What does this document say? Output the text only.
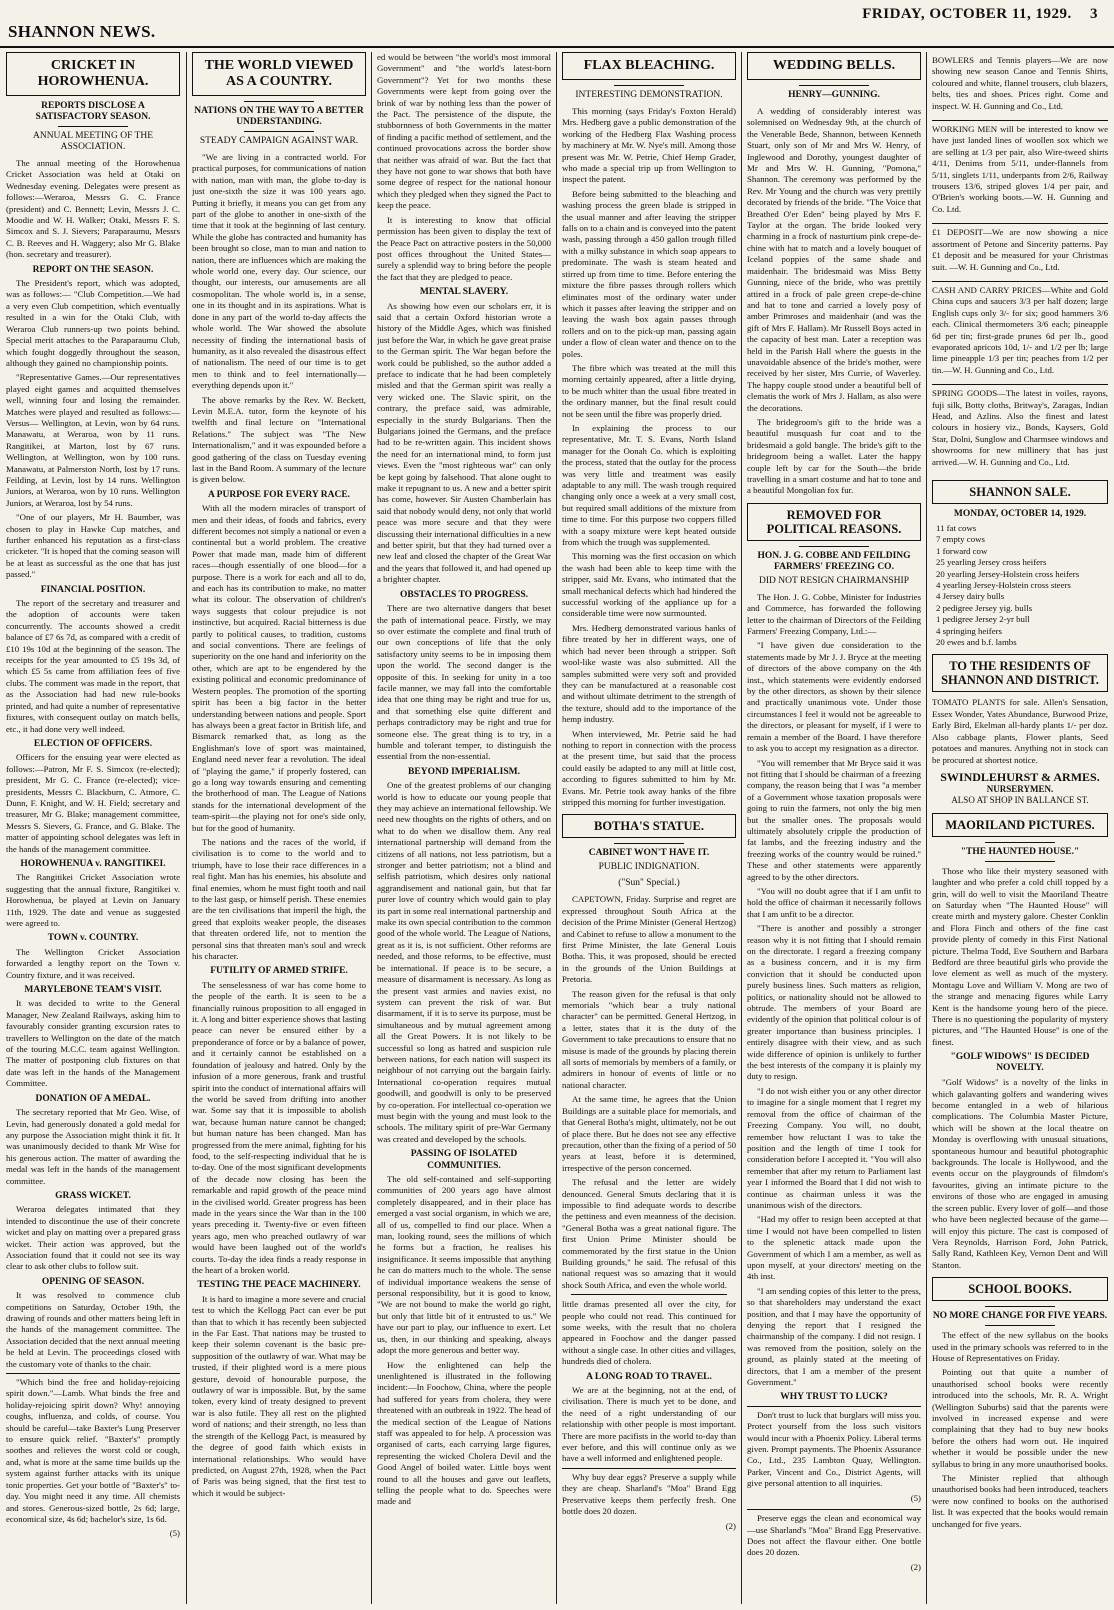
SHANNON NEWS.
FRIDAY, OCTOBER 11, 1929. 3
CRICKET IN HOROWHENUA.
REPORTS DISCLOSE A SATISFACTORY SEASON.
ANNUAL MEETING OF THE ASSOCIATION.

The annual meeting of the Horowhenua Cricket Association was held at Otaki on Wednesday evening. Delegates were present as follows:—Weraroa, Messrs G. C. France (president) and C. Bennett; Levin, Messrs J. C. Moodie and W. H. Walker; Otaki, Messrs F. S. Simcox and S. J. Sievers; Paraparaumu, Messrs C. B. Reeves and H. Waggery; also Mr G. Blake (hon. secretary and treasurer).

REPORT ON THE SEASON.

The President's report, which was adopted, was as follows:— "Club Competition.—We had a very even Club competition, which eventually resulted in a win for the Otaki Club, with Weraroa Club runners-up two points behind. Special merit attaches to the Paraparaumu Club, which fought doggedly throughout the season, although they gained no championship points.

"Representative Games.—Our representatives played eight games and acquitted themselves well, winning four and losing the remainder. Matches were played and resulted as follows:— Versus— Wellington, at Levin, won by 64 runs. Manawatu, at Weraroa, won by 11 runs. Rangitikei, at Marton, lost by 67 runs. Wellington, at Wellington, won by 100 runs. Manawatu, at Palmerston North, lost by 17 runs. Feilding, at Levin, lost by 14 runs. Wellington Juniors, at Weraroa, won by 10 runs. Wellington Juniors, at Weraroa, lost by 54 runs.

"One of our players, Mr H. Baumber, was chosen to play in Hawke Cup matches, and further enhanced his reputation as a first-class cricketer. "It is hoped that the coming season will be at least as successful as the one that has just passed."

FINANCIAL POSITION.

The report of the secretary and treasurer and the adoption of accounts were taken concurrently. The accounts showed a credit balance of £7 6s 7d, as compared with a credit of £10 19s 10d at the beginning of the season. The receipts for the year amounted to £5 19s 3d, of which £5 5s came from affiliation fees of five clubs. The comment was made in the report, that as the Association had had new rule-books printed, and had quite a number of representative fixtures, with consequent outlay on match bells, etc., it had done very well indeed.

ELECTION OF OFFICERS.

Officers for the ensuing year were elected as follows:—Patron, Mr F. S. Simcox (re-elected); president, Mr G. C. France (re-elected); vice-presidents, Messrs C. Blackburn, C. Atmore, C. Dunn, F. Knight, and W. H. Field; secretary and treasurer, Mr G. Blake; management committee, Messrs S. Sievers, G. France, and G. Blake. The matter of appointing school delegates was left in the hands of the management committee.

HOROWHENUA v. RANGITIKEI.

The Rangitikei Cricket Association wrote suggesting that the annual fixture, Rangitikei v. Horowhenua, be played at Levin on January 11th, 1929. The date and venue as suggested were agreed to.

TOWN v. COUNTRY.

The Wellington Cricket Association forwarded a lengthy report on the Town v. Country fixture, and it was received.

MARYLEBONE TEAM'S VISIT.

It was decided to write to the General Manager, New Zealand Railways, asking him to favourably consider granting excursion rates to travellers to Wellington on the date of the match of the touring M.C.C. team against Wellington. The matter of postponing club fixtures on that date was left in the hands of the Management Committee.

DONATION OF A MEDAL.

The secretary reported that Mr Geo. Wise, of Levin, had generously donated a gold medal for any purpose the Association might think it fit. It was unanimously decided to thank Mr Wise for his generous action. The matter of awarding the medal was left in the hands of the management committee.

GRASS WICKET.

Weraroa delegates intimated that they intended to discontinue the use of their concrete wicket and play on matting over a prepared grass wicket. Their action was approved, but the Association found that it could not see its way clear to ask other clubs to follow suit.

OPENING OF SEASON.

It was resolved to commence club competitions on Saturday, October 19th, the drawing of rounds and other matters being left in the hands of the management committee. The Association decided that the next annual meeting be held at Levin. The proceedings closed with the customary vote of thanks to the chair.

"Which bind the free and holiday-rejoicing spirit down."—Lamb. What binds the free and holiday-rejoicing spirit down? Why! annoying coughs, influenza, and colds, of course. You should be careful—take Baxter's Lung Preserver to ensure quick relief. "Baxter's" promptly soothes and relieves the worst cold or cough, and, what is more at the same time builds up the system against further attacks with its unique tonic properties. Get your bottle of "Baxter's" to-day. You might need it any time. All chemists and stores. Generous-sized bottle, 2s 6d; large, economical size, 4s 6d; bachelor's size, 1s 6d.

(5)
THE WORLD VIEWED AS A COUNTRY.
NATIONS ON THE WAY TO A BETTER UNDERSTANDING.
STEADY CAMPAIGN AGAINST WAR.

"We are living in a contracted world. For practical purposes, for communications of nation with nation, man with man, the globe to-day is just one-sixth the size it was 100 years ago. Putting it briefly, it means you can get from any part of the globe to another in one-sixth of the time that it took at the beginning of last century. While the globe has contracted and humanity has been brought so close, man to man and nation to nation, there are influences which are making the whole world one, every day. Our science, our thought, our interests, our amusements are all cosmopolitan. The whole world is, in a sense, one in its thought and in its aspirations. What is done in any part of the world to-day affects the whole world. The War showed the absolute necessity of finding the international basis of humanity, as it also revealed the disastrous effect of nationalism. The need of our time is to get men to think and to feel internationally—everything depends upon it."

The above remarks by the Rev. W. Beckett, Levin M.E.A. tutor, form the keynote of his twelfth and final lecture on "International Relations." The subject was "The New Internationalism," and it was expounded before a good gathering of the class on Tuesday evening last in the Band Room. A summary of the lecture is given below.

A PURPOSE FOR EVERY RACE.

With all the modern miracles of transport of men and their ideas, of foods and fabrics, every different becomes not simply a national or even a continental but a world problem. The creative Power that made man, made him of different races—though essentially of one blood—for a purpose. There is a work for each and all to do, and each has its contribution to make, no matter what its colour. The observation of children's ways suggests that colour prejudice is not instinctive, but acquired. Racial bitterness is due partly to political causes, to tradition, customs and social conventions. There are feelings of superiority on the one hand and inferiority on the other, which are apt to be engendered by the existing political and economic predominance of Western peoples. The promotion of the sporting spirit has been a big factor in the better understanding between nations and people. Sport has always been a great factor in British life, and Bismarck remarked that, as long as the Englishman's love of sport was maintained, England need never fear a revolution. The ideal of "playing the game," if properly fostered, can go a long way towards ensuring and cementing the brotherhood of man. The League of Nations stands for the international development of the team-spirit—the playing not for one's side only, but for the good of humanity.

The nations and the races of the world, if civilisation is to come to the world and to triumph, have to lose their race differences in a real fight. Man has his enemies, his absolute and final enemies, whom he must fight tooth and nail to the last gasp, or himself perish. These enemies are the ten civilisations that imperil the high, the greed that exploits weaker people, the diseases that threaten ordered life, not to mention the personal sins that threaten man's soul and wreck his character.

FUTILITY OF ARMED STRIFE.

The senselessness of war has come home to the people of the earth. It is seen to be a financially ruinous proposition to all engaged in it. A long and bitter experience shows that lasting peace can never be ensured either by a preponderance of force or by a balance of power, and it certainly cannot be established on a foundation of jealousy and hatred. Only by the infusion of a more generous, frank and trustful spirit into the conduct of international affairs will the world be saved from drifting into another war. Some say that it is impossible to abolish war, because human nature cannot be changed; but human nature has been changed. Man has progressed from the mere animal, fighting for his food, to the self-respecting individual that he is to-day. One of the most significant developments of the decade now closing has been the remarkable and rapid growth of the peace mind in the civilised world. Greater progress has been made in the years since the War than in the 100 years preceding it. Twenty-five or even fifteen years ago, men who preached outlawry of war would have been laughed out of the world's courts. To-day the idea finds a ready response in the heart of a broken world.

TESTING THE PEACE MACHINERY.

It is hard to imagine a more severe and crucial test to which the Kellogg Pact can ever be put than that to which it has recently been subjected in the Far East. That nations may be trusted to keep their solemn covenant is the basic pre-supposition of the outlawry of war. What may be trusted, if their plighted word is a mere pious gesture, devoid of honourable purpose, the outlawry of war is impossible. But, by the same token, every kind of treaty designed to prevent war is also futile. They all rest on the plighted word of nations; and their strength, no less than the strength of the Kellogg Pact, is measured by the degree of good faith which exists in international relationships. Who would have predicted, on August 27th, 1928, when the Pact of Paris was being signed, that the first test to which it would be subject-

ed would be between "the world's most immoral Government" and "the world's latest-born Government"? Yet for two months these Governments were kept from going over the brink of war by nothing less than the power of the Pact. The persistence of the dispute, the stubbornness of both Governments in the matter of finding a pacific method of settlement, and the continued provocations across the border show that neither was afraid of war. But the fact that they have not gone to war shows that both have some degree of respect for the national honour which they pledged when they signed the Pact to keep the peace.

It is interesting to know that official permission has been given to display the text of the Peace Pact on attractive posters in the 50,000 post offices throughout the United States—surely a splendid way to bring before the people the fact that they are pledged to peace.

MENTAL SLAVERY.

As showing how even our scholars err, it is said that a certain Oxford historian wrote a history of the Middle Ages, which was finished just before the War, in which he gave great praise to the German spirit. The War began before the work could be published, so the author added a preface to indicate that he had been completely misled and that the German spirit was really a very wicked one. The Slavic spirit, on the contrary, the preface said, was admirable, especially in the sturdy Bulgarians. Then the Bulgarians joined the Germans, and the preface had to be re-written again. This incident shows the need for an international mind, to form just views. Even the "most righteous war" can only be kept going by falsehood. That alone ought to make it repugnant to us. A new and a better spirit has come, however. Sir Austen Chamberlain has said that nobody would deny, not only that world peace was more secure and that they were discussing their international difficulties in a new and better spirit, but that they had turned over a new leaf and closed the chapter of the Great War and the years that followed it, and had opened up a brighter chapter.

OBSTACLES TO PROGRESS.

There are two alternative dangers that beset the path of international peace. Firstly, we may so over estimate the complete and final truth of our own conceptions of life that the only satisfactory unity seems to be in imposing them upon the world. The second danger is the opposite of this. In seeking for unity in a too facile manner, we may fall into the comfortable idea that one thing may be right and true for us, and that something else quite different and perhaps contradictory may be right and true for someone else. The great thing is to try, in a humble and tolerant temper, to distinguish the essential from the non-essential.

BEYOND IMPERIALISM.

One of the greatest problems of our changing world is how to educate our young people that they may achieve an international fellowship. We need new thoughts on the rights of others, and on what to do when we disallow them. Any real international partnership will demand from the citizens of all nations, not less patriotism, but a stronger and better patriotism; not a blind and selfish patriotism, which desires only national aggrandisement and national gain, but that far purer love of country which would gain to play its part in some real international partnership and make its own special contribution to the common good of the whole world. The League of Nations, great as it is, is not sufficient. Other reforms are needed, and those reforms, to be effective, must be international. If peace is to be secure, a measure of disarmament is necessary. As long as the present vast armies and navies exist, no system can prevent the risk of war. But disarmament, if it is to serve its purpose, must be simultaneous and by mutual agreement among all the Great Powers. It is not likely to be successful so long as hatred and suspicion rule between nations, for each nation will suspect its neighbour of not carrying out the bargain fairly. International co-operation requires mutual goodwill, and goodwill is only to be preserved by co-operation. For intellectual co-operation we must begin with the young and must look to the schools. The military spirit of pre-War Germany was created and developed by the schools.

PASSING OF ISOLATED COMMUNITIES.

The old self-contained and self-supporting communities of 200 years ago have almost completely disappeared, and in their place has emerged a vast social organism, in which we are, all of us, compelled to find our place. When a man, looking round, sees the millions of which he forms but a fraction, he realises his insignificance. It seems impossible that anything he can do matters much to the whole. The sense of individual importance weakens the sense of personal responsibility, but it is good to know, "We are not bound to make the world go right, but only that little bit of it entrusted to us." We have our part to play, our influence to exert. Let us, then, in our thinking and speaking, always adopt the more generous and better way.

How the enlightened can help the unenlightened is illustrated in the following incident:—In Foochow, China, where the people had suffered for years from cholera, they were threatened with an outbreak in 1922. The head of the medical section of the League of Nations staff was appealed to for help. A procession was organised of carts, each carrying large figures, representing the wicked Cholera Devil and the Good Angel of boiled water. Little boys went round to all the houses and gave out leaflets, telling the people what to do. Speeches were made and

FLAX BLEACHING.
INTERESTING DEMONSTRATION.

This morning (says Friday's Foxton Herald) Mrs. Hedberg gave a public demonstration of the working of the Hedberg Flax Washing process by machinery at Mr. W. Nye's mill. Among those present was Mr. W. Petrie, Chief Hemp Grader, who made a special trip up from Wellington to inspect the patent.

Before being submitted to the bleaching and washing process the green blade is stripped in the usual manner and after leaving the stripper falls on to a chain and is conveyed into the patent wash, passing through a 450 gallon trough filled with a milky substance in which soap appears to predominate. The wash is steam heated and stirred up from time to time. Before entering the mixture the fibre passes through rollers which eliminates most of the ordinary water under which it passes after leaving the stripper and on leaving the wash box again passes through rollers and on to the pick-up man, passing again under a flow of clean water and thence on to the poles.

The fibre which was treated at the mill this morning certainly appeared, after a little drying, to be much whiter than the usual fibre treated in the ordinary manner, but the final result could not be seen until the fibre was properly dried.

In explaining the process to our representative, Mr. T. S. Evans, North Island manager for the Oonah Co. which is exploiting the process, stated that the outlay for the process was very little and treatment was easily adaptable to any mill. The wash trough required changing only once a week at a very small cost, but required small additions of the mixture from time to time. For this purpose two coppers filled with a soapy mixture were kept heated outside from which the trough was supplemented.

This morning was the first occasion on which the wash had been able to keep time with the stripper, said Mr. Evans, who intimated that the small mechanical defects which had hindered the successful working of the appliance up for a considerable time were now surmounted.

Mrs. Hedberg demonstrated various hanks of fibre treated by her in different ways, one of which had never been through a stripper. Soft wool-like waste was also submitted. All the samples submitted were very soft and provided they can be manufactured at a reasonable cost and without ultimate detriment to the strength of the texture, should add to the importance of the hemp industry.

When interviewed, Mr. Petrie said he had nothing to report in connection with the process at the present time, but said that the process could easily be adapted to any mill at little cost, according to figures submitted to him by Mr. Evans. Mr. Petrie took away hanks of the fibre stripped this morning for further investigation.

BOTHA'S STATUE.
CABINET WON'T HAVE IT.
PUBLIC INDIGNATION.
("Sun" Special.)

CAPETOWN, Friday. Surprise and regret are expressed throughout South Africa at the decision of the Prime Minister (General Hertzog) and Cabinet to refuse to allow a monument to the first Prime Minister, the late General Louis Botha. This, it was proposed, should be erected in the grounds of the Union Buildings at Pretoria.

The reason given for the refusal is that only memorials "which bear a truly national character" can be permitted. General Hertzog, in a letter, states that it is the duty of the Government to take precautions to ensure that no misuse is made of the grounds by placing therein all sorts of memorials by members of a family, or admirers in honour of events of little or no national character.

At the same time, he agrees that the Union Buildings are a suitable place for memorials, and that General Botha's might, ultimately, not be out of place there. But he does not see any effective precaution, other than the fixing of a period of 50 years at least, before it is determined, irrespective of the person concerned.

The refusal and the letter are widely denounced. General Smuts declaring that it is impossible to find adequate words to describe the pettiness and even meanness of the decision. "General Botha was a great national figure. The first Union Prime Minister should be commemorated by the first statue in the Union Building grounds," he said. The refusal of this national request was so amazing that it would shock South Africa, and even the whole world.

little dramas presented all over the city, for people who could not read. This continued for some weeks, with the result that no cholera appeared in Foochow and the danger passed without a single case. In other cities and villages, hundreds died of cholera.

A LONG ROAD TO TRAVEL.

We are at the beginning, not at the end, of civilisation. There is much yet to be done, and the need of a right understanding of our relationship with other people is most important. There are more pacifists in the world to-day than ever before, and this will continue only as we have a well informed and enlightened people.

Why buy dear eggs? Preserve a supply while they are cheap. Sharland's "Moa" Brand Egg Preservative keeps them perfectly fresh. One bottle does 20 dozen.

(2)
WEDDING BELLS.
HENRY—GUNNING.

A wedding of considerably interest was solemnised on Wednesday 9th, at the church of the Venerable Bede, Shannon, between Kenneth Stuart, only son of Mr and Mrs W. Henry, of Inglewood and Dorothy, youngest daughter of Mr and Mrs W. H. Gunning, "Pomona," Shannon. The ceremony was performed by the Rev. Mr Young and the church was very prettily decorated by friends of the bride. "The Voice that Breathed O'er Eden" being played by Mrs F. Taylor at the organ. The bride looked very charming in a frock of nasturtium pink crepe-de-chine with hat to match and a lovely bouquet of Iceland poppies of the same shade and maidenhair. The bridesmaid was Miss Betty Gunning, niece of the bride, who was prettily attired in a frock of pale green crepe-de-chine and hat to tone and carried a lovely posy of amber Primroses and maidenhair (and was the gift of Mrs F. Hallam). Mr Russell Boys acted in the capacity of best man. Later a reception was held in the Parish Hall where the guests in the unavoidable absence of the bride's mother, were received by her sister, Mrs Currie, of Waverley. The happy couple stood under a beautiful bell of clematis the work of Mrs J. Hallam, as also were the decorations.

The bridegroom's gift to the bride was a beautiful musquash fur coat and to the bridesmaid a gold bangle. The bride's gift to the bridegroom being a wallet. Later the happy couple left by car for the South—the bride travelling in a smart costume and hat to tone and a beautiful Mongolian fox fur.

REMOVED FOR POLITICAL REASONS.
HON. J. G. COBBE AND FEILDING FARMERS' FREEZING CO.
DID NOT RESIGN CHAIRMANSHIP

The Hon. J. G. Cobbe, Minister for Industries and Commerce, has forwarded the following letter to the chairman of Directors of the Feilding Farmers' Freezing Company, Ltd.:—

"I have given due consideration to the statements made by Mr J. J. Bryce at the meeting of directors of the above company on the 4th inst., which statements were evidently endorsed by the other directors, as shown by their silence and practically unanimous vote. Under those circumstances I feel it would not be agreeable to the directors, or pleasant for myself, if I were to remain a member of the Board. I have therefore to ask you to accept my resignation as a director.

"You will remember that Mr Bryce said it was not fitting that I should be chairman of a freezing company, the reason being that I was "a member of a Government whose taxation proposals were going to ruin the farmers, not only the big men but the smaller ones. The proposals would ultimately absolutely cripple the production of fat lambs, and the freezing industry and the freezing works of the country would be ruined." These and other statements were apparently agreed to by the other directors.

"You will no doubt agree that if I am unfit to hold the office of chairman it necessarily follows that I am unfit to be a director.

"There is another and possibly a stronger reason why it is not fitting that I should remain on the directorate. I regard a freezing company as a business concern, and it is my firm conviction that it should be conducted upon purely business lines. Such matters as religion, politics, or nationality should not be allowed to obtrude. The members of your Board are evidently of the opinion that political colour is of greater importance than business principles. I entirely disagree with their view, and as such wide difference of opinion is unlikely to further the best interests of the company it is plainly my duty to resign.

"I do not wish either you or any other director to imagine for a single moment that I regret my removal from the office of chairman of the Freezing Company. You will, no doubt, remember how reluctant I was to take the position and the length of time I took for consideration before I accepted it. "You will also remember that after my return to Parliament last year I informed the Board that I did not wish to continue as chairman unless it was the unanimous wish of the directors.

"Had my offer to resign been accepted at that time I would not have been compelled to listen to the splenetic attack made upon the Government of which I am a member, as well as upon myself, at your directors' meeting on the 4th inst.

"I am sending copies of this letter to the press, so that shareholders may understand the exact position, and that I may have the opportunity of denying the report that I resigned the chairmanship of the company. I did not resign. I was removed from the position, solely on the ground, as plainly stated at the meeting of directors, that I am a member of the present Government."

WHY TRUST TO LUCK?

Don't trust to luck that burglars will miss you. Protect yourself from the loss such visitors would incur with a Phoenix Policy. Liberal terms given. Prompt payments. The Phoenix Assurance Co., Ltd., 235 Lambton Quay, Wellington. Parker, Vincent and Co., District Agents, will give personal attention to all inquiries.

(5)

Preserve eggs the clean and economical way—use Sharland's "Moa" Brand Egg Preservative. Does not affect the flavour either. One bottle does 20 dozen.

(2)

BOWLERS and Tennis players—We are now showing new season Canoe and Tennis Shirts, coloured and white, flannel trousers, club blazers, belts, ties and shoes. Prices right. Come and inspect. W. H. Gunning and Co., Ltd.

WORKING MEN will be interested to know we have just landed lines of woollen sox which we are selling at 1/3 per pair, also Wire-tweed shirts 4/11, Denims from 5/11, under-flannels from 5/11, singlets 1/11, underpants from 2/6, Railway trousers 13/6, striped gloves 1/4 per pair, and O'Brien's working boots.—W. H. Gunning and Co. Ltd.

£1 DEPOSIT—We are now showing a nice assortment of Petone and Sincerity patterns. Pay £1 deposit and be measured for your Christmas suit. —W. H. Gunning and Co., Ltd.

CASH AND CARRY PRICES—White and Gold China cups and saucers 3/3 per half dozen; large English cups only 3/- for six; good hammers 3/6 each. Clinical thermometers 3/6 each; pineapple 6d per tin; first-grade prunes 6d per lb., good evaporated apricots 10d, 1/- and 1/2 per lb; large lime pineapple 1/3 per tin; peaches from 1/2 per tin.—W. H. Gunning and Co., Ltd.

SPRING GOODS—The latest in voiles, rayons, fuji silk, Botty cloths, Britway's, Zaragas, Indian Head, and Azlins. Also the finest and latest colours in hosiery viz., Bonds, Kaysers, Gold Star, Dolni, Sunglow and Charmsee windows and showrooms for new millinery that has just arrived.—W. H. Gunning and Co., Ltd.

SHANNON SALE.
MONDAY, OCTOBER 14, 1929.
11 fat cows
7 empty cows
1 forward cow
25 yearling Jersey cross heifers
20 yearling Jersey-Holstein cross heifers
4 yearling Jersey-Holstein cross steers
4 Jersey dairy bulls
2 pedigree Jersey yig. bulls
1 pedigree Jersey 2-yr bull
4 springing heifers
20 ewes and b.f. lambs
TO THE RESIDENTS OF SHANNON AND DISTRICT.

TOMATO PLANTS for sale. Allen's Sensation, Essex Wonder, Yates Abundance, Burwood Prize, Early Bird, Ekelman all-hardy plants 1/- per doz. Also cabbage plants, Flower plants, Seed potatoes and manures. Anything not in stock can be procured at shortest notice.

SWINDLEHURST & ARMES.
NURSERYMEN.
ALSO AT SHOP IN BALLANCE ST.
MAORILAND PICTURES.
"THE HAUNTED HOUSE."

Those who like their mystery seasoned with laughter and who prefer a cold chill topped by a grin, will do well to visit the Maoriland Theatre on Saturday when "The Haunted House" will create mirth and mystery galore. Chester Conklin and Flora Finch and others of the fine cast provide plenty of comedy in this First National picture. Thelma Todd, Eve Southern and Barbara Bedford are three beautiful girls who provide the love element as well as much of the mystery. Montagu Love and William V. Mong are two of the strange and menacing figures while Larry Kent is the handsome young hero of the piece. There is no questioning the popularity of mystery pictures, and "The Haunted House" is one of the finest.

"GOLF WIDOWS" IS DECIDED NOVELTY.

"Golf Widows" is a novelty of the links in which galavanting golfers and wandering wives become entangled in a web of hilarious complications. The Columbia Master Picture, which will be shown at the local theatre on Monday is overflowing with unusual situations, spontaneous humour and beautiful photographic backgrounds. The locale is Hollywood, and the events occur on the playgrounds of filmdom's favourites, giving an intimate picture to the environs of those who are engaged in amusing the screen public. Every lover of golf—and those who have been neglected because of the game—will enjoy this picture. The cast is composed of Vera Reynolds, Harrison Ford, John Patrick, Sally Rand, Kathleen Key, Vernon Dent and Will Stanton.

SCHOOL BOOKS.
NO MORE CHANGE FOR FIVE YEARS.

The effect of the new syllabus on the books used in the primary schools was referred to in the House of Representatives on Friday.

Pointing out that quite a number of unauthorised school books were recently introduced into the schools, Mr. R. A. Wright (Wellington Suburbs) said that the parents were involved in increased expense and were complaining that they had to buy new books before the others had worn out. He inquired whether it would be possible under the new syllabus to bring in any more unauthorised books.

The Minister replied that although unauthorised books had been introduced, teachers were now confined to books on the authorised list. It was expected that the books would remain unchanged for five years.
